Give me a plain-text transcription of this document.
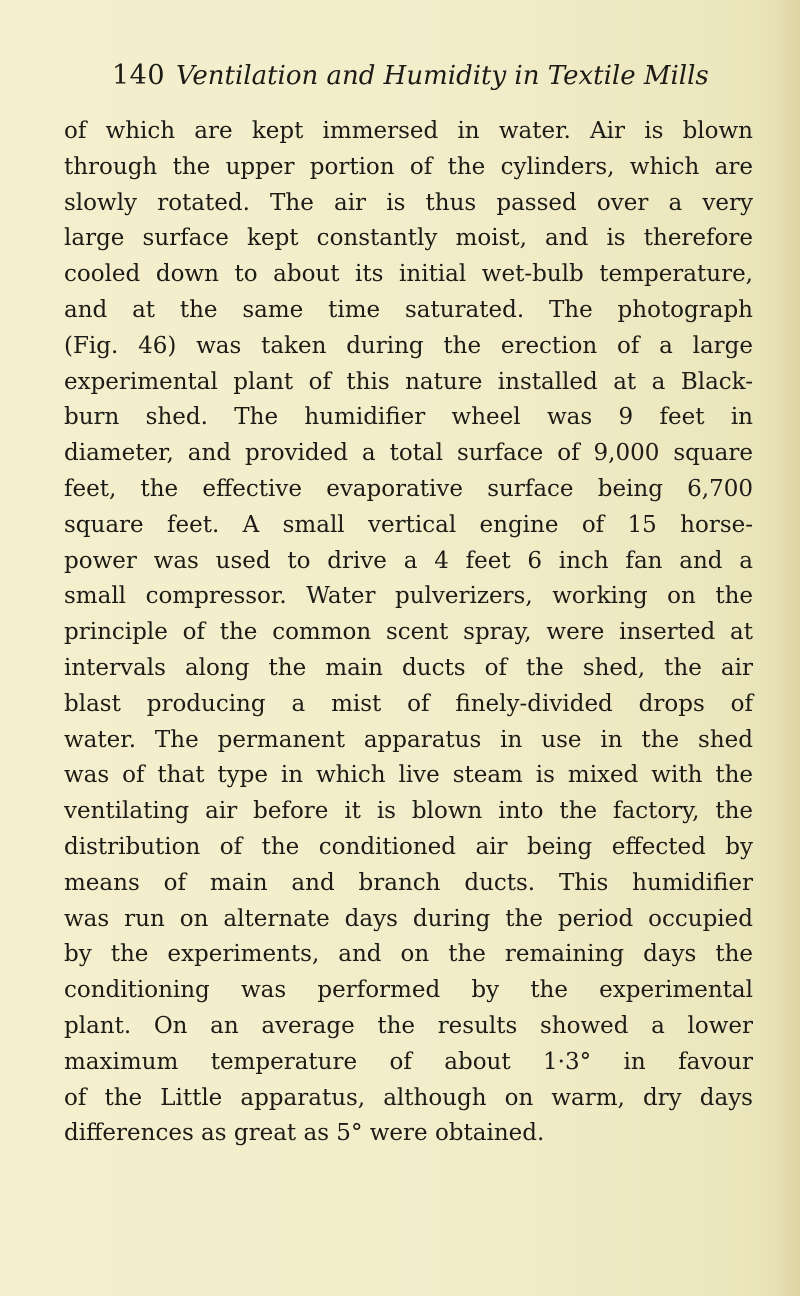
140 Ventilation and Humidity in Textile Mills
of which are kept immersed in water. Air is blown
through the upper portion of the cylinders, which are
slowly rotated. The air is thus passed over a very
large surface kept constantly moist, and is therefore
cooled down to about its initial wet-bulb temperature,
and at the same time saturated. The photograph
(Fig. 46) was taken during the erection of a large
experimental plant of this nature installed at a Black-
burn shed. The humidifier wheel was 9 feet in
diameter, and provided a total surface of 9,000 square
feet, the effective evaporative surface being 6,700
square feet. A small vertical engine of 15 horse-
power was used to drive a 4 feet 6 inch fan and a
small compressor. Water pulverizers, working on the
principle of the common scent spray, were inserted at
intervals along the main ducts of the shed, the air
blast producing a mist of finely-divided drops of
water. The permanent apparatus in use in the shed
was of that type in which live steam is mixed with the
ventilating air before it is blown into the factory, the
distribution of the conditioned air being effected by
means of main and branch ducts. This humidifier
was run on alternate days during the period occupied
by the experiments, and on the remaining days the
conditioning was performed by the experimental
plant. On an average the results showed a lower
maximum temperature of about 1·3° in favour
of the Little apparatus, although on warm, dry days
differences as great as 5° were obtained.
